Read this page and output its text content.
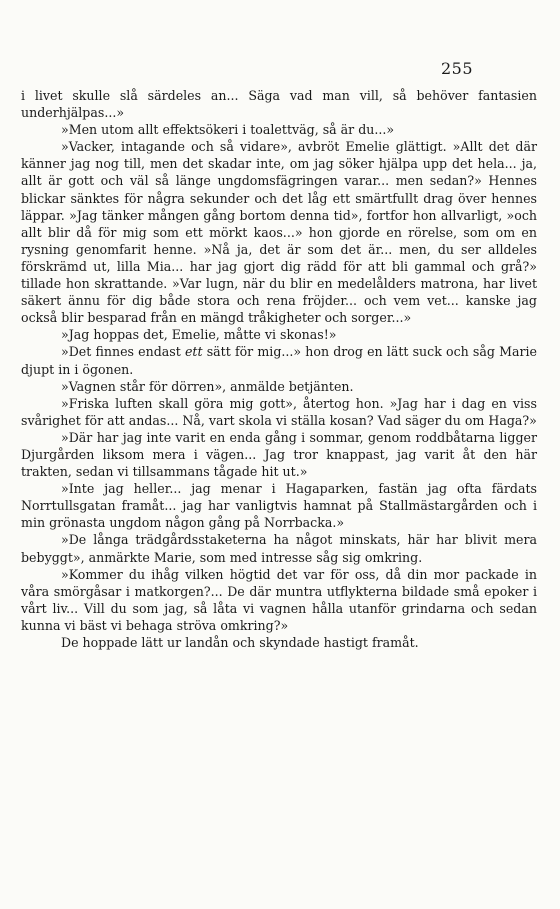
255

i livet skulle slå särdeles an... Säga vad man vill, så behöver fantasien underhjälpas...»

»Men utom allt effektsökeri i toalettväg, så är du...»

»Vacker, intagande och så vidare», avbröt Emelie glättigt. »Allt det där känner jag nog till, men det skadar inte, om jag söker hjälpa upp det hela... ja, allt är gott och väl så länge ungdomsfägringen varar... men sedan?» Hennes blickar sänktes för några sekunder och det låg ett smärtfullt drag över hennes läppar. »Jag tänker mången gång bortom denna tid», fortfor hon allvarligt, »och allt blir då för mig som ett mörkt kaos...» hon gjorde en rörelse, som om en rysning genomfarit henne. »Nå ja, det är som det är... men, du ser alldeles förskrämd ut, lilla Mia... har jag gjort dig rädd för att bli gammal och grå?» tillade hon skrattande. »Var lugn, när du blir en medelålders matrona, har livet säkert ännu för dig både stora och rena fröjder... och vem vet... kanske jag också blir besparad från en mängd tråkigheter och sorger...»

»Jag hoppas det, Emelie, måtte vi skonas!»

»Det finnes endast ett sätt för mig...» hon drog en lätt suck och såg Marie djupt in i ögonen.

»Vagnen står för dörren», anmälde betjänten.

»Friska luften skall göra mig gott», återtog hon. »Jag har i dag en viss svårighet för att andas... Nå, vart skola vi ställa kosan? Vad säger du om Haga?»

»Där har jag inte varit en enda gång i sommar, genom roddbåtarna ligger Djurgården liksom mera i vägen... Jag tror knappast, jag varit åt den här trakten, sedan vi tillsammans tågade hit ut.»

»Inte jag heller... jag menar i Hagaparken, fastän jag ofta färdats Norrtullsgatan framåt... jag har vanligtvis hamnat på Stallmästargården och i min grönasta ungdom någon gång på Norrbacka.»

»De långa trädgårdsstaketerna ha något minskats, här har blivit mera bebyggt», anmärkte Marie, som med intresse såg sig omkring.

»Kommer du ihåg vilken högtid det var för oss, då din mor packade in våra smörgåsar i matkorgen?... De där muntra utflykterna bildade små epoker i vårt liv... Vill du som jag, så låta vi vagnen hålla utanför grindarna och sedan kunna vi bäst vi behaga ströva omkring?»

De hoppade lätt ur landån och skyndade hastigt framåt.
